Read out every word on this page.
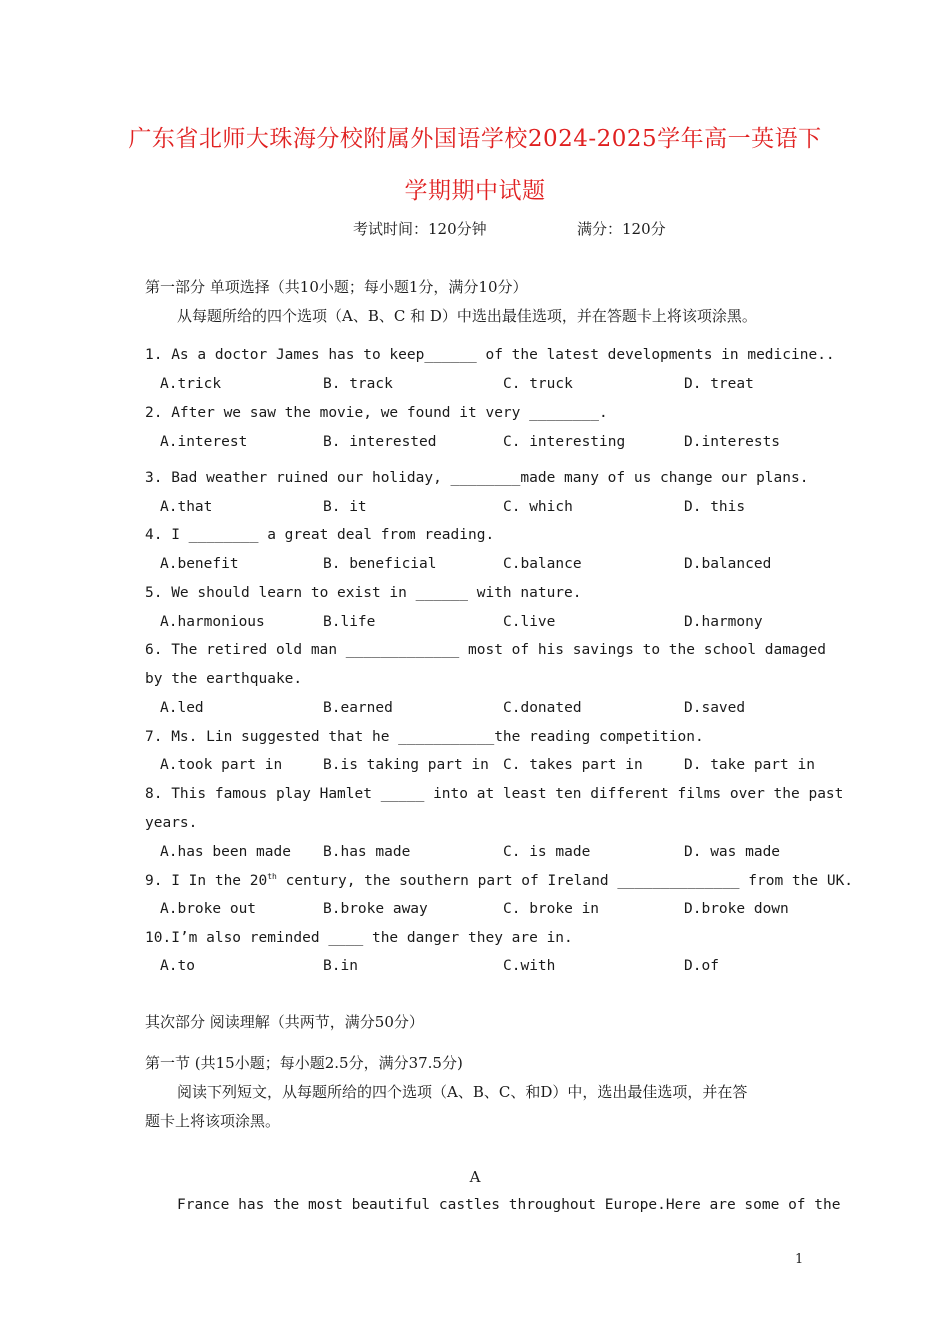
广东省北师大珠海分校附属外国语学校2024-2025学年高一英语下
学期期中试题
考试时间：120分钟	满分：120分
第一部分 单项选择（共10小题；每小题1分，满分10分）
从每题所给的四个选项（A、B、C 和 D）中选出最佳选项，并在答题卡上将该项涂黑。
1. As a doctor James has to keep______ of the latest developments in medicine..
A.trick	B. track	C. truck	D. treat
2. After we saw the movie, we found it very ________.
A.interest	B. interested	C. interesting	D.interests
3. Bad weather ruined our holiday, ________made many of us change our plans.
A.that	B. it	C. which	D. this
4. I ________ a great deal from reading.
A.benefit	B. beneficial	C.balance	D.balanced
5. We should learn to exist in ______ with nature.
A.harmonious	B.life	C.live	D.harmony
6. The retired old man _____________ most of his savings to the school damaged
by the earthquake.
A.led	B.earned	C.donated	D.saved
7. Ms. Lin suggested that he ___________the reading competition.
A.took part in	B.is taking part in C. takes part in	D. take part in
8. This famous play Hamlet _____ into at least ten different films over the past
years.
A.has been made B.has made	C. is made	D. was made
9. I In the 20th century, the southern part of Ireland ______________ from the UK.
A.broke out	B.broke away	C. broke in	D.broke down
10.I’m also reminded ____ the danger they are in.
A.to	B.in	C.with	D.of
其次部分 阅读理解（共两节，满分50分）
第一节 (共15小题；每小题2.5分，满分37.5分)
阅读下列短文，从每题所给的四个选项（A、B、C、和D）中，选出最佳选项，并在答
题卡上将该项涂黑。
A
France has the most beautiful castles throughout Europe.Here are some of the
1
